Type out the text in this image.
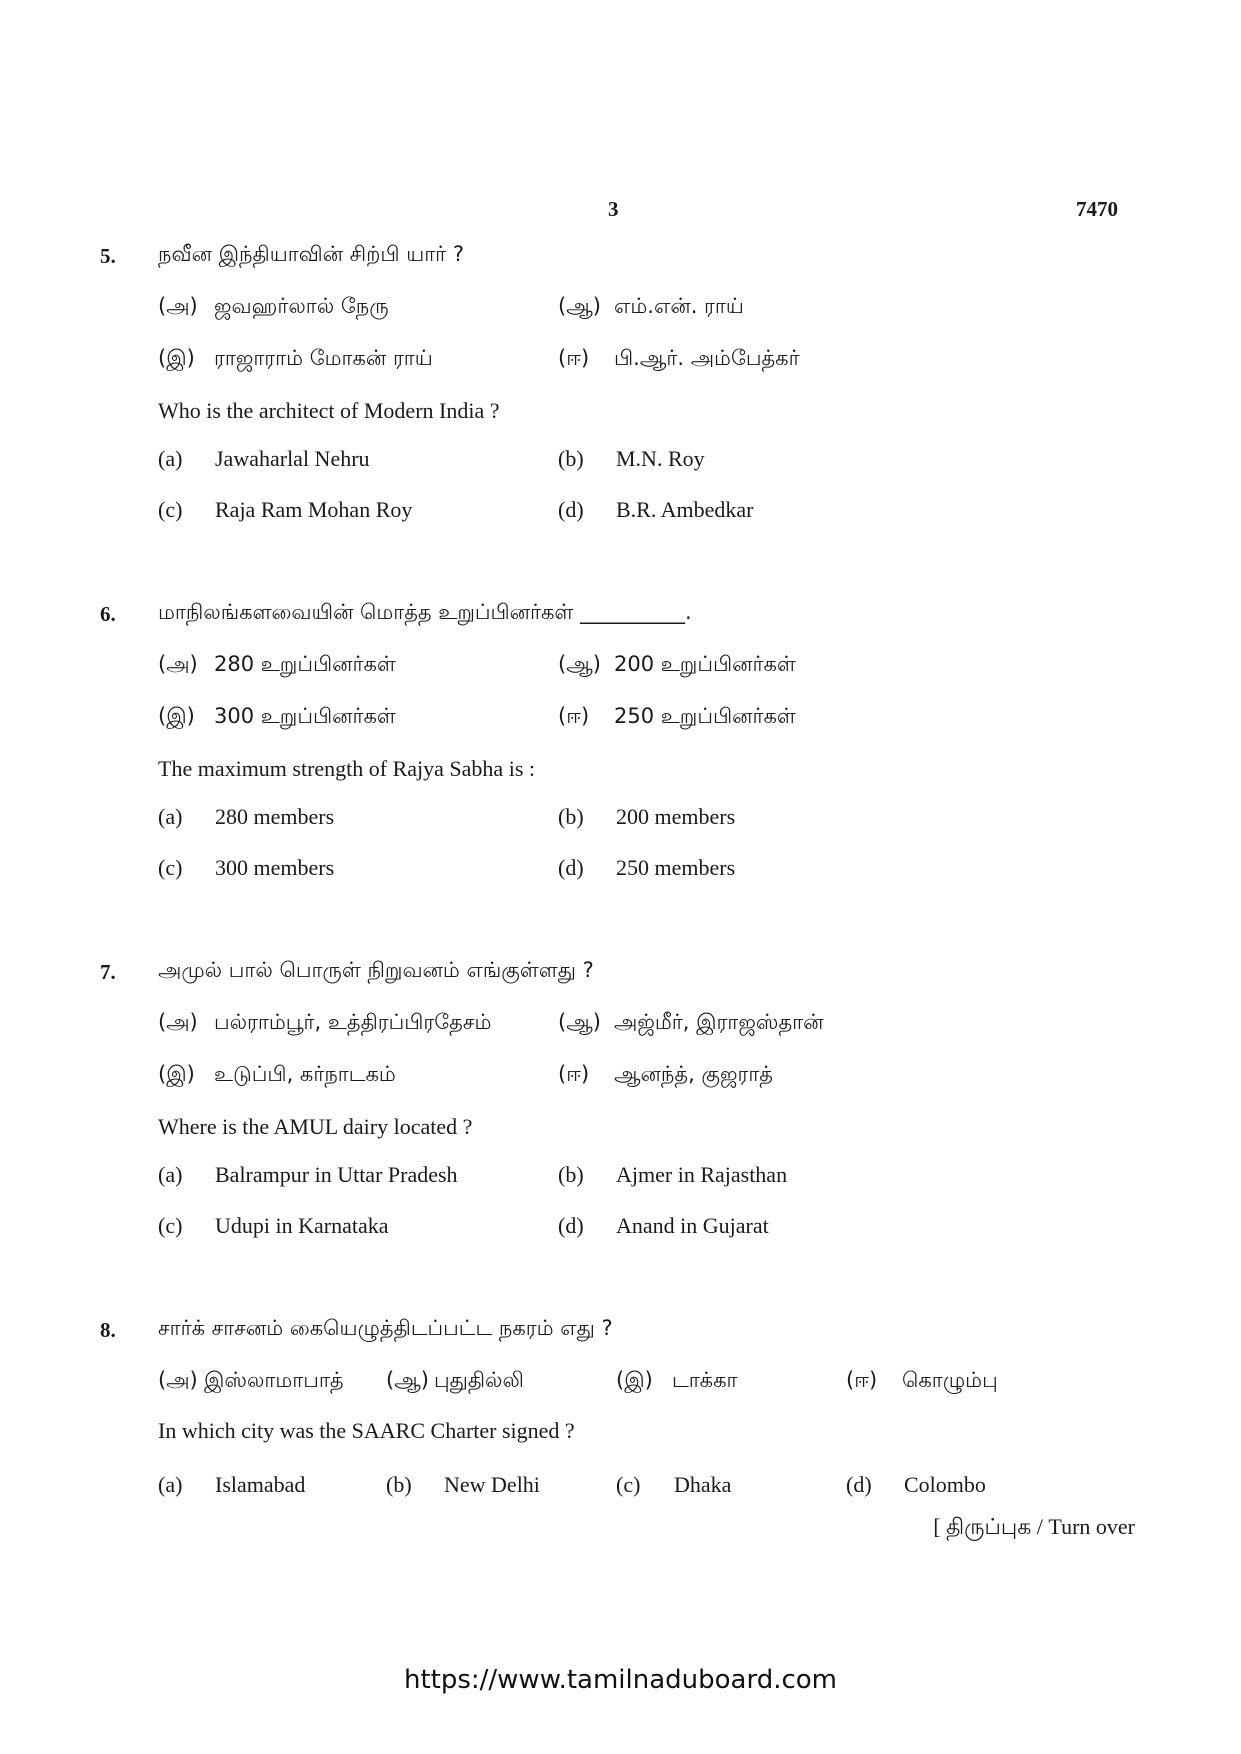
3	7470
5. நவீன இந்தியாவின் சிற்பி யார் ?
(அ) ஜவஹர்லால் நேரு	(ஆ) எம்.என். ராய்
(இ) ராஜாராம் மோகன் ராய்	(ஈ) பி.ஆர். அம்பேத்கர்
Who is the architect of Modern India ?
(a) Jawaharlal Nehru	(b) M.N. Roy
(c) Raja Ram Mohan Roy	(d) B.R. Ambedkar
6. மாநிலங்களவையின் மொத்த உறுப்பினர்கள் __________.
(அ) 280 உறுப்பினர்கள்	(ஆ) 200 உறுப்பினர்கள்
(இ) 300 உறுப்பினர்கள்	(ஈ) 250 உறுப்பினர்கள்
The maximum strength of Rajya Sabha is :
(a) 280 members	(b) 200 members
(c) 300 members	(d) 250 members
7. அமுல் பால் பொருள் நிறுவனம் எங்குள்ளது ?
(அ) பல்ராம்பூர், உத்திரப்பிரதேசம்	(ஆ) அஜ்மீர், இராஜஸ்தான்
(இ) உடுப்பி, கர்நாடகம்	(ஈ) ஆனந்த், குஜராத்
Where is the AMUL dairy located ?
(a) Balrampur in Uttar Pradesh	(b) Ajmer in Rajasthan
(c) Udupi in Karnataka	(d) Anand in Gujarat
8. சார்க் சாசனம் கையெழுத்திடப்பட்ட நகரம் எது ?
(அ) இஸ்லாமாபாத் (ஆ) புதுதில்லி	(இ) டாக்கா	(ஈ) கொழும்பு
In which city was the SAARC Charter signed ?
(a) Islamabad	(b) New Delhi	(c) Dhaka	(d) Colombo
[ திருப்புக / Turn over
https://www.tamilnaduboard.com
